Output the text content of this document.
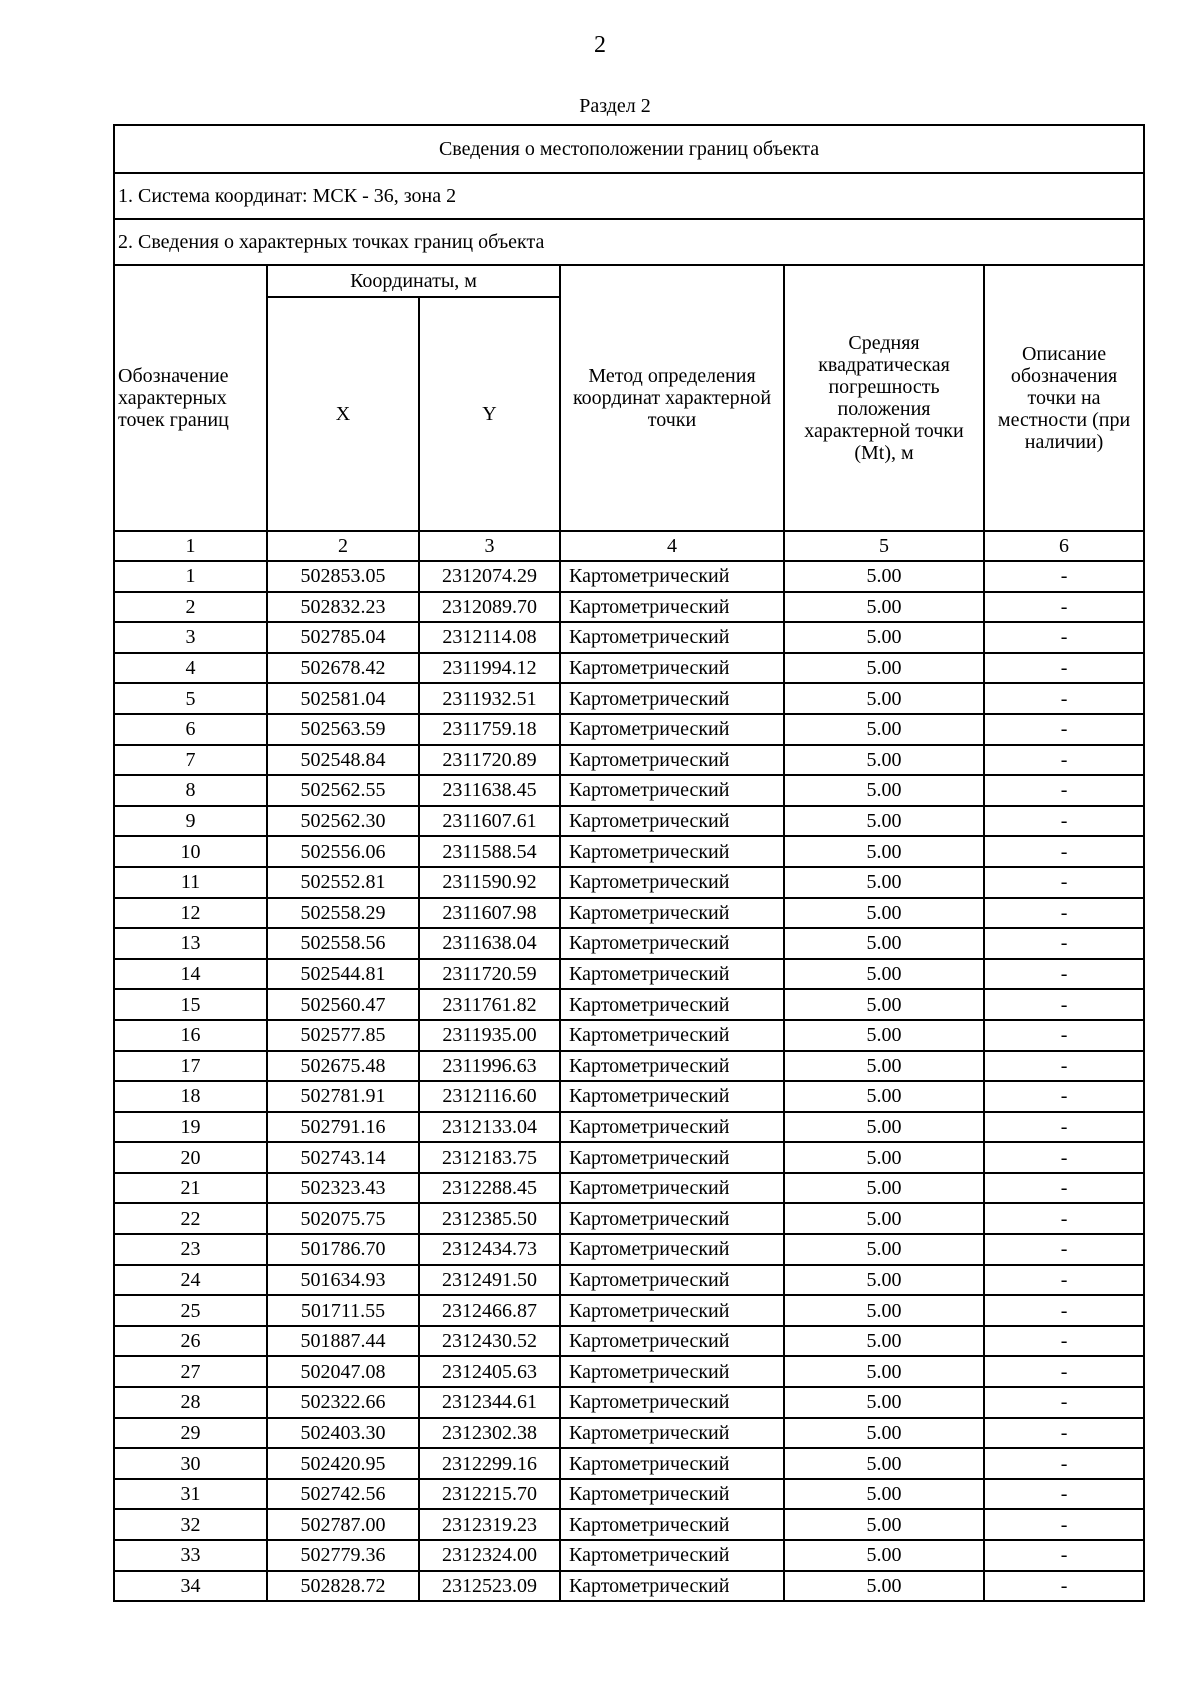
2
Раздел 2
Сведения о местоположении границ объекта					
1. Система координат: МСК - 36, зона 2					
2. Сведения о характерных точках границ объекта					
Обозначение характерных точек границ	Координаты, м		Метод определения координат характерной точки	Средняя квадратическая погрешность положения характерной точки (Mt), м	Описание обозначения точки на местности (при наличии)
	X	Y			
1	2	3	4	5	6
1	502853.05	2312074.29	Картометрический	5.00	-
2	502832.23	2312089.70	Картометрический	5.00	-
3	502785.04	2312114.08	Картометрический	5.00	-
4	502678.42	2311994.12	Картометрический	5.00	-
5	502581.04	2311932.51	Картометрический	5.00	-
6	502563.59	2311759.18	Картометрический	5.00	-
7	502548.84	2311720.89	Картометрический	5.00	-
8	502562.55	2311638.45	Картометрический	5.00	-
9	502562.30	2311607.61	Картометрический	5.00	-
10	502556.06	2311588.54	Картометрический	5.00	-
11	502552.81	2311590.92	Картометрический	5.00	-
12	502558.29	2311607.98	Картометрический	5.00	-
13	502558.56	2311638.04	Картометрический	5.00	-
14	502544.81	2311720.59	Картометрический	5.00	-
15	502560.47	2311761.82	Картометрический	5.00	-
16	502577.85	2311935.00	Картометрический	5.00	-
17	502675.48	2311996.63	Картометрический	5.00	-
18	502781.91	2312116.60	Картометрический	5.00	-
19	502791.16	2312133.04	Картометрический	5.00	-
20	502743.14	2312183.75	Картометрический	5.00	-
21	502323.43	2312288.45	Картометрический	5.00	-
22	502075.75	2312385.50	Картометрический	5.00	-
23	501786.70	2312434.73	Картометрический	5.00	-
24	501634.93	2312491.50	Картометрический	5.00	-
25	501711.55	2312466.87	Картометрический	5.00	-
26	501887.44	2312430.52	Картометрический	5.00	-
27	502047.08	2312405.63	Картометрический	5.00	-
28	502322.66	2312344.61	Картометрический	5.00	-
29	502403.30	2312302.38	Картометрический	5.00	-
30	502420.95	2312299.16	Картометрический	5.00	-
31	502742.56	2312215.70	Картометрический	5.00	-
32	502787.00	2312319.23	Картометрический	5.00	-
33	502779.36	2312324.00	Картометрический	5.00	-
34	502828.72	2312523.09	Картометрический	5.00	-
